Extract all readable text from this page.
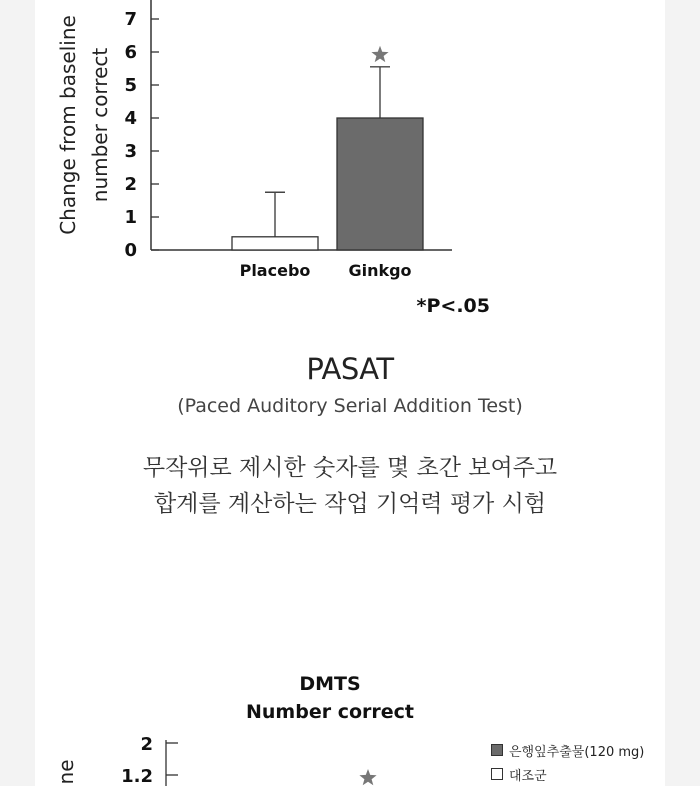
0
1
2
3
4
5
6
7
Change from baseline number correct
Placebo Ginkgo
*P<.05
PASAT
(Paced Auditory Serial Addition Test)
무작위로 제시한 숫자를 몇 초간 보여주고
합계를 계산하는 작업 기억력 평가 시험
DMTS
Number correct
2
1.2
ne
은행잎추출물(120 mg)
대조군
